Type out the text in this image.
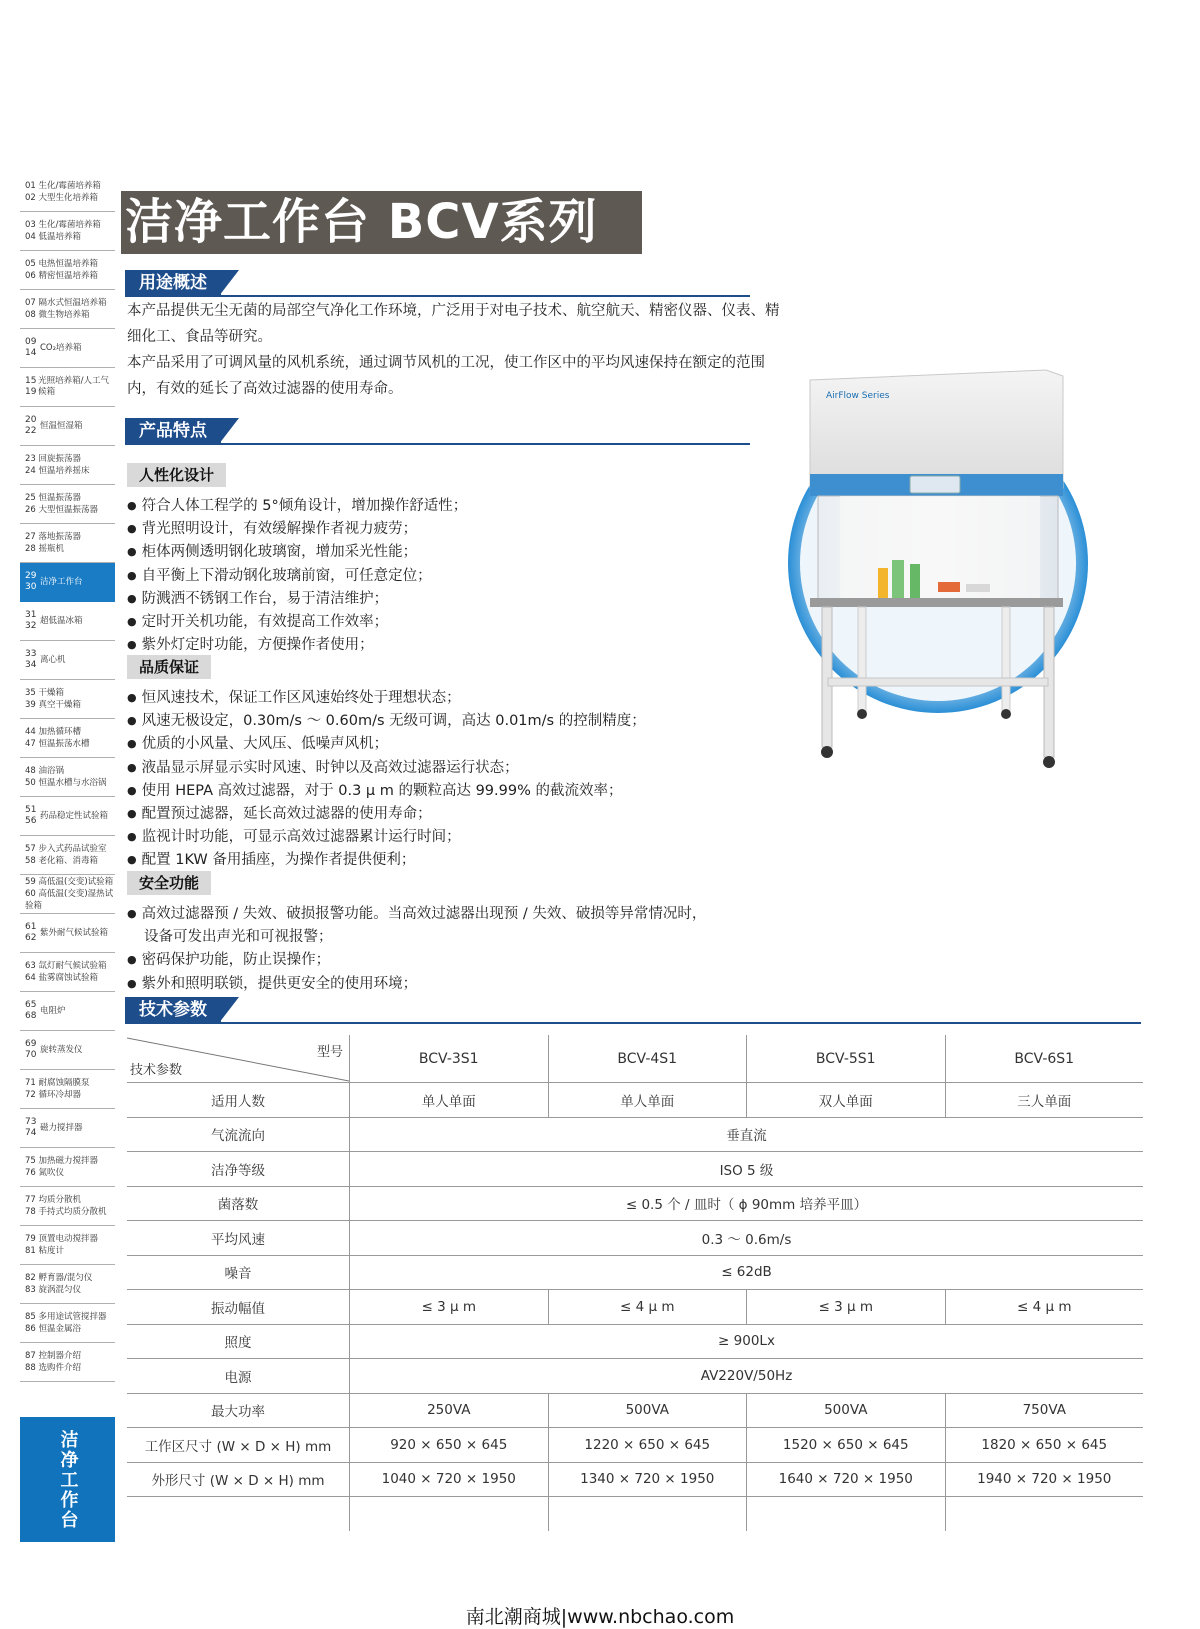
01 生化/霉菌培养箱
02 大型生化培养箱
03 生化/霉菌培养箱
04 低温培养箱
05 电热恒温培养箱
06 精密恒温培养箱
07 隔水式恒温培养箱
08 微生物培养箱
09
14
CO₂培养箱
15
19
光照培养箱/人工气候箱
20
22
恒温恒湿箱
23 回旋振荡器
24 恒温培养摇床
25 恒温振荡器
26 大型恒温振荡器
27 落地振荡器
28 摇瓶机
29
30
洁净工作台
31
32
超低温冰箱
33
34
离心机
35 干燥箱
39 真空干燥箱
44 加热循环槽
47 恒温振荡水槽
48 油浴锅
50 恒温水槽与水浴锅
51
56
药品稳定性试验箱
57 步入式药品试验室
58 老化箱、消毒箱
59 高低温(交变)试验箱
60 高低温(交变)湿热试验箱
61
62
紫外耐气候试验箱
63 氙灯耐气候试验箱
64 盐雾腐蚀试验箱
65
68
电阻炉
69
70
旋转蒸发仪
71 耐腐蚀隔膜泵
72 循环冷却器
73
74
磁力搅拌器
75 加热磁力搅拌器
76 氮吹仪
77 均质分散机
78 手持式均质分散机
79 顶置电动搅拌器
81 粘度计
82 孵育器/混匀仪
83 旋涡混匀仪
85 多用途试管搅拌器
86 恒温金属浴
87 控制器介绍
88 选购件介绍
洁净工作台
洁净工作台 BCV系列
用途概述
本产品提供无尘无菌的局部空气净化工作环境，广泛用于对电子技术、航空航天、精密仪器、仪表、精细化工、食品等研究。
本产品采用了可调风量的风机系统，通过调节风机的工况，使工作区中的平均风速保持在额定的范围内，有效的延长了高效过滤器的使用寿命。
产品特点
人性化设计
● 符合人体工程学的 5°倾角设计，增加操作舒适性；
● 背光照明设计，有效缓解操作者视力疲劳；
● 柜体两侧透明钢化玻璃窗，增加采光性能；
● 自平衡上下滑动钢化玻璃前窗，可任意定位；
● 防溅洒不锈钢工作台，易于清洁维护；
● 定时开关机功能，有效提高工作效率；
● 紫外灯定时功能，方便操作者使用；
品质保证
● 恒风速技术，保证工作区风速始终处于理想状态；
● 风速无极设定，0.30m/s ～ 0.60m/s 无级可调，高达 0.01m/s 的控制精度；
● 优质的小风量、大风压、低噪声风机；
● 液晶显示屏显示实时风速、时钟以及高效过滤器运行状态；
● 使用 HEPA 高效过滤器，对于 0.3 μ m 的颗粒高达 99.99% 的截流效率；
● 配置预过滤器，延长高效过滤器的使用寿命；
● 监视计时功能，可显示高效过滤器累计运行时间；
● 配置 1KW 备用插座，为操作者提供便利；
安全功能
● 高效过滤器预 / 失效、破损报警功能。当高效过滤器出现预 / 失效、破损等异常情况时，
设备可发出声光和可视报警；
● 密码保护功能，防止误操作；
● 紫外和照明联锁，提供更安全的使用环境；
AirFlow Series
技术参数
型号
技术参数	BCV-3S1	BCV-4S1	BCV-5S1	BCV-6S1
适用人数	单人单面	单人单面	双人单面	三人单面
气流流向	垂直流			
洁净等级	ISO 5 级			
菌落数	≤ 0.5 个 / 皿时（ ϕ 90mm 培养平皿）			
平均风速	0.3 ～ 0.6m/s			
噪音	≤ 62dB			
振动幅值	≤ 3 μ m	≤ 4 μ m	≤ 3 μ m	≤ 4 μ m
照度	≥ 900Lx			
电源	AV220V/50Hz			
最大功率	250VA	500VA	500VA	750VA
工作区尺寸 (W × D × H) mm	920 × 650 × 645	1220 × 650 × 645	1520 × 650 × 645	1820 × 650 × 645
外形尺寸 (W × D × H) mm	1040 × 720 × 1950	1340 × 720 × 1950	1640 × 720 × 1950	1940 × 720 × 1950

南北潮商城|www.nbchao.com
